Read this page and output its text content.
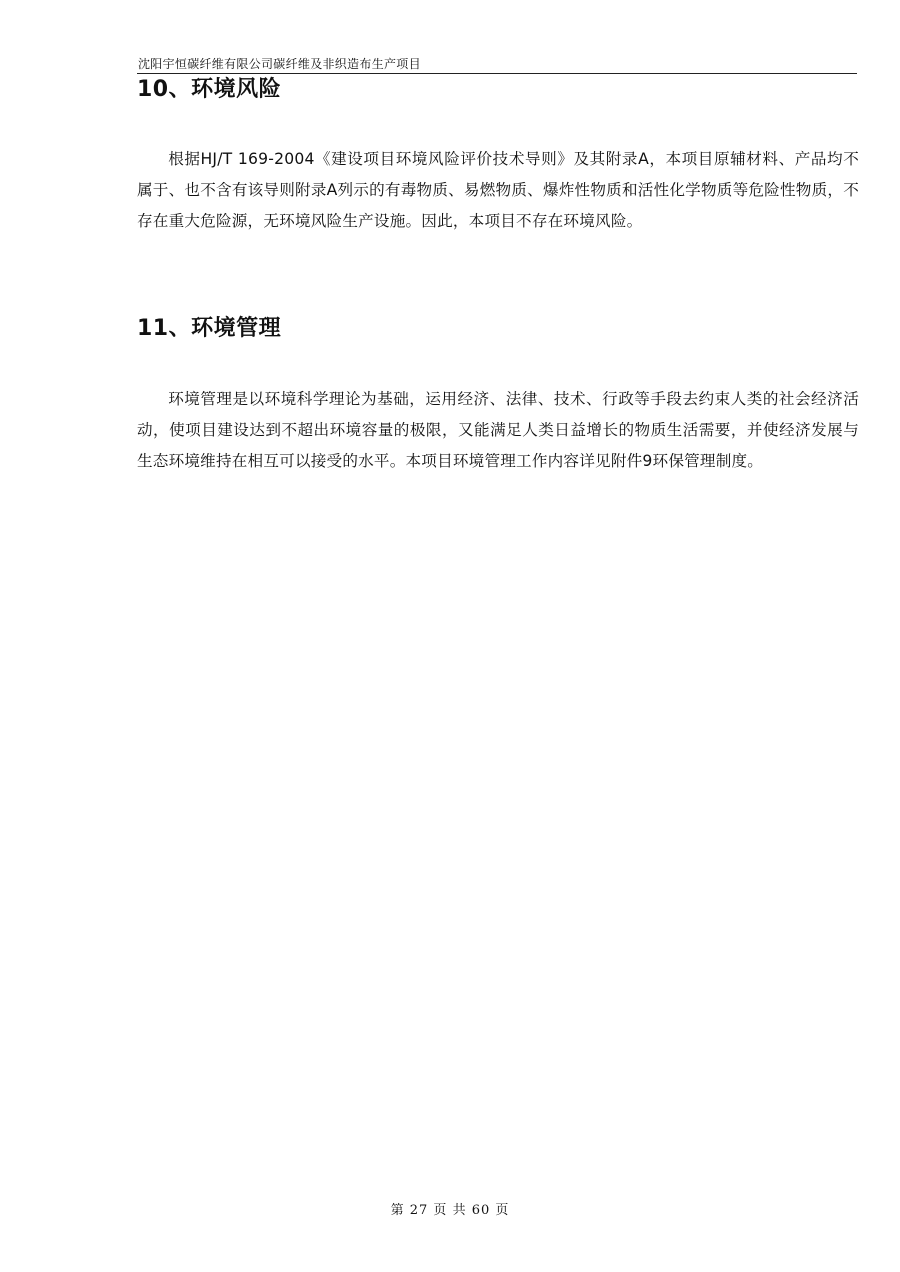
沈阳宇恒碳纤维有限公司碳纤维及非织造布生产项目
10、环境风险

根据HJ/T 169-2004《建设项目环境风险评价技术导则》及其附录A，本项目原辅材料、产品均不属于、也不含有该导则附录A列示的有毒物质、易燃物质、爆炸性物质和活性化学物质等危险性物质，不存在重大危险源，无环境风险生产设施。因此，本项目不存在环境风险。

11、环境管理

环境管理是以环境科学理论为基础，运用经济、法律、技术、行政等手段去约束人类的社会经济活动，使项目建设达到不超出环境容量的极限，又能满足人类日益增长的物质生活需要，并使经济发展与生态环境维持在相互可以接受的水平。本项目环境管理工作内容详见附件9环保管理制度。

第 27 页 共 60 页
